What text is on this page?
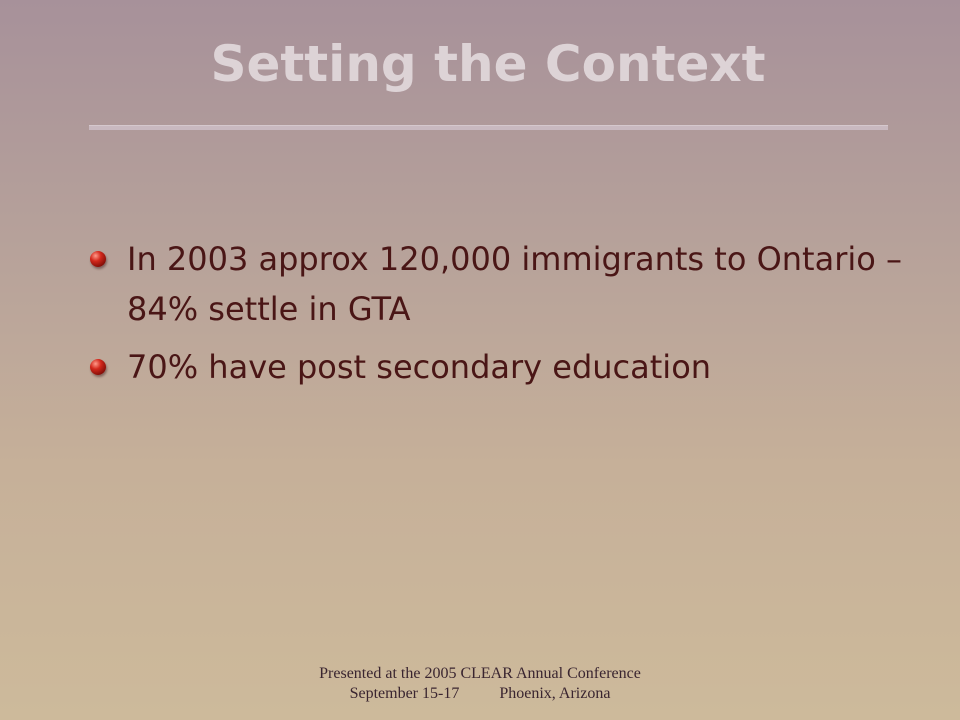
Setting the Context
In 2003 approx 120,000 immigrants to Ontario – 84% settle in GTA
70% have post secondary education
Presented at the 2005 CLEAR Annual Conference
September 15-17	Phoenix, Arizona
